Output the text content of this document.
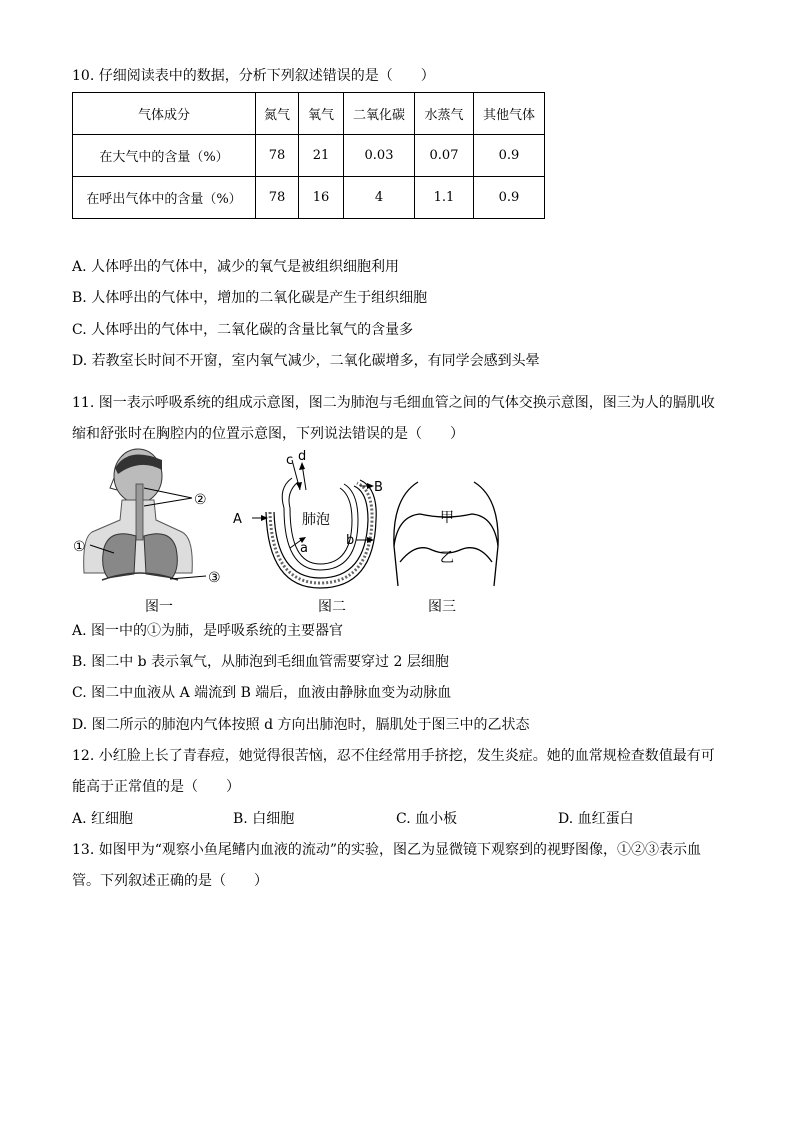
10. 仔细阅读表中的数据，分析下列叙述错误的是（　　）
气体成分	氮气	氧气	二氧化碳	水蒸气	其他气体
在大气中的含量（%）	78	21	0.03	0.07	0.9
在呼出气体中的含量（%）	78	16	4	1.1	0.9
A. 人体呼出的气体中，减少的氧气是被组织细胞利用
B. 人体呼出的气体中，增加的二氧化碳是产生于组织细胞
C. 人体呼出的气体中，二氧化碳的含量比氧气的含量多
D. 若教室长时间不开窗，室内氧气减少，二氧化碳增多，有同学会感到头晕
11. 图一表示呼吸系统的组成示意图，图二为肺泡与毛细血管之间的气体交换示意图，图三为人的膈肌收
缩和舒张时在胸腔内的位置示意图，下列说法错误的是（　　）
②
①
③
图一
c d
B
A	肺泡
a
b
图二
甲
乙
图三
A. 图一中的①为肺，是呼吸系统的主要器官
B. 图二中 b 表示氧气，从肺泡到毛细血管需要穿过 2 层细胞
C. 图二中血液从 A 端流到 B 端后，血液由静脉血变为动脉血
D. 图二所示的肺泡内气体按照 d 方向出肺泡时，膈肌处于图三中的乙状态
12. 小红脸上长了青春痘，她觉得很苦恼，忍不住经常用手挤挖，发生炎症。她的血常规检查数值最有可
能高于正常值的是（　　）
A. 红细胞	B. 白细胞	C. 血小板	D. 血红蛋白
13. 如图甲为“观察小鱼尾鳍内血液的流动”的实验，图乙为显微镜下观察到的视野图像，①②③表示血
管。下列叙述正确的是（　　）
